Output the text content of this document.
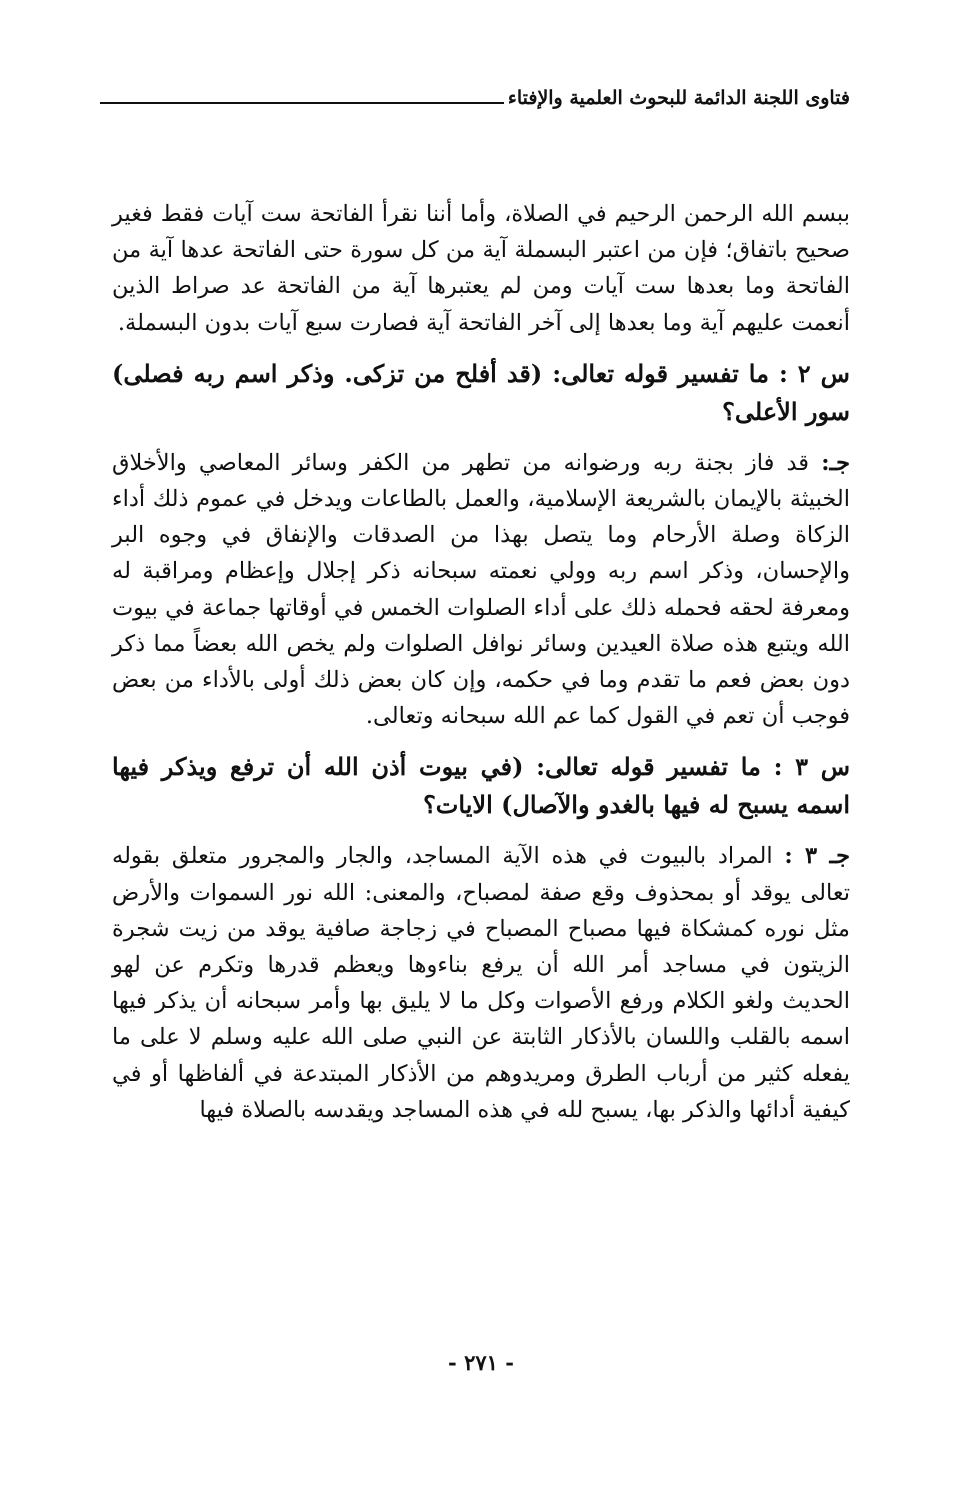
فتاوى اللجنة الدائمة للبحوث العلمية والإفتاء

ببسم الله الرحمن الرحيم في الصلاة، وأما أننا نقرأ الفاتحة ست آيات فقط فغير صحيح باتفاق؛ فإن من اعتبر البسملة آية من كل سورة حتى الفاتحة عدها آية من الفاتحة وما بعدها ست آيات ومن لم يعتبرها آية من الفاتحة عد صراط الذين أنعمت عليهم آية وما بعدها إلى آخر الفاتحة آية فصارت سبع آيات بدون البسملة.

س ٢ : ما تفسير قوله تعالى: (قد أفلح من تزكى. وذكر اسم ربه فصلى) سور الأعلى؟

جـ: قد فاز بجنة ربه ورضوانه من تطهر من الكفر وسائر المعاصي والأخلاق الخبيثة بالإيمان بالشريعة الإسلامية، والعمل بالطاعات ويدخل في عموم ذلك أداء الزكاة وصلة الأرحام وما يتصل بهذا من الصدقات والإنفاق في وجوه البر والإحسان، وذكر اسم ربه وولي نعمته سبحانه ذكر إجلال وإعظام ومراقبة له ومعرفة لحقه فحمله ذلك على أداء الصلوات الخمس في أوقاتها جماعة في بيوت الله ويتبع هذه صلاة العيدين وسائر نوافل الصلوات ولم يخص الله بعضاً مما ذكر دون بعض فعم ما تقدم وما في حكمه، وإن كان بعض ذلك أولى بالأداء من بعض فوجب أن تعم في القول كما عم الله سبحانه وتعالى.

س ٣ : ما تفسير قوله تعالى: (في بيوت أذن الله أن ترفع ويذكر فيها اسمه يسبح له فيها بالغدو والآصال) الايات؟

جـ ٣ : المراد بالبيوت في هذه الآية المساجد، والجار والمجرور متعلق بقوله تعالى يوقد أو بمحذوف وقع صفة لمصباح، والمعنى: الله نور السموات والأرض مثل نوره كمشكاة فيها مصباح المصباح في زجاجة صافية يوقد من زيت شجرة الزيتون في مساجد أمر الله أن يرفع بناءوها ويعظم قدرها وتكرم عن لهو الحديث ولغو الكلام ورفع الأصوات وكل ما لا يليق بها وأمر سبحانه أن يذكر فيها اسمه بالقلب واللسان بالأذكار الثابتة عن النبي صلى الله عليه وسلم لا على ما يفعله كثير من أرباب الطرق ومريدوهم من الأذكار المبتدعة في ألفاظها أو في كيفية أدائها والذكر بها، يسبح لله في هذه المساجد ويقدسه بالصلاة فيها

- ٢٧١ -
